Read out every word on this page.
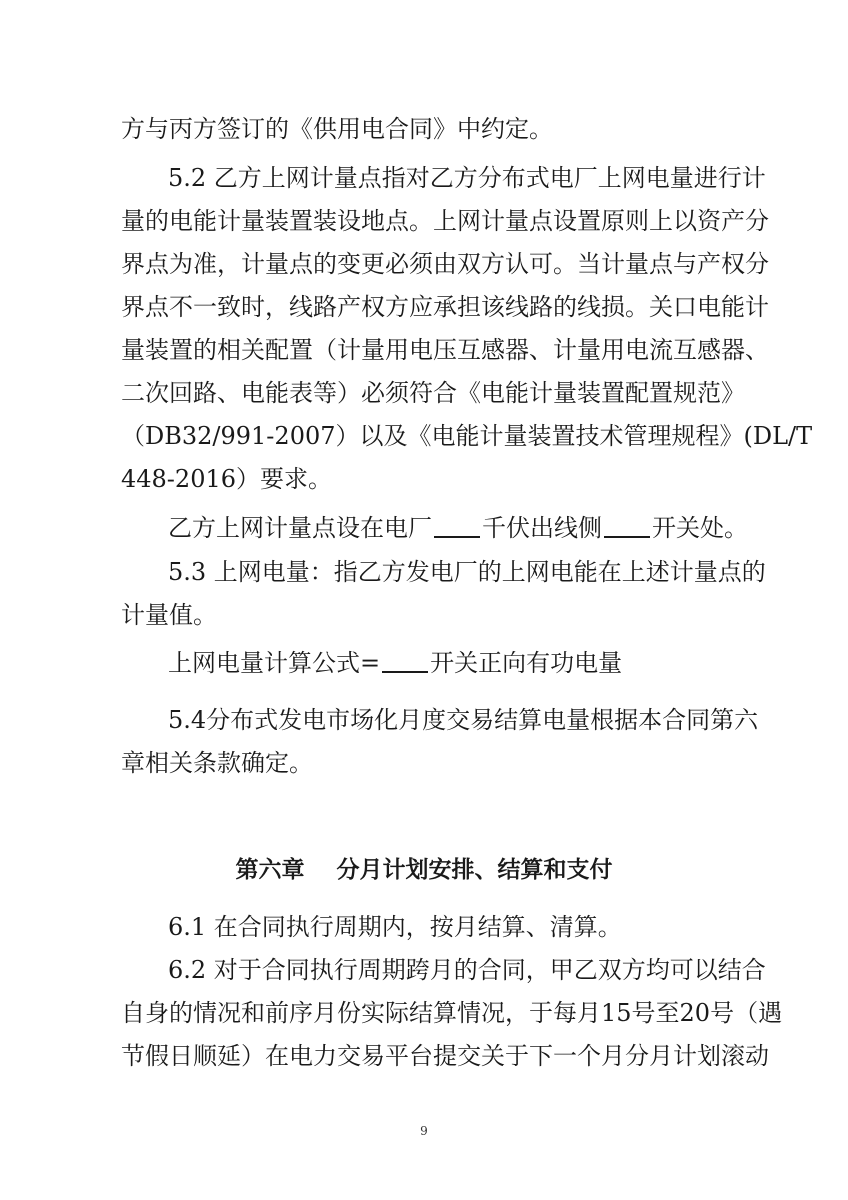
方与丙方签订的《供用电合同》中约定。
5.2 乙方上网计量点指对乙方分布式电厂上网电量进行计
量的电能计量装置装设地点。上网计量点设置原则上以资产分
界点为准，计量点的变更必须由双方认可。当计量点与产权分
界点不一致时，线路产权方应承担该线路的线损。关口电能计
量装置的相关配置（计量用电压互感器、计量用电流互感器、
二次回路、电能表等）必须符合《电能计量装置配置规范》
（DB32/991-2007）以及《电能计量装置技术管理规程》(DL/T
448-2016）要求。
乙方上网计量点设在电厂 千伏出线侧 开关处。
5.3 上网电量：指乙方发电厂的上网电能在上述计量点的
计量值。
上网电量计算公式= 开关正向有功电量
5.4分布式发电市场化月度交易结算电量根据本合同第六
章相关条款确定。
第六章    分月计划安排、结算和支付
6.1 在合同执行周期内，按月结算、清算。
6.2 对于合同执行周期跨月的合同，甲乙双方均可以结合
自身的情况和前序月份实际结算情况，于每月15号至20号（遇
节假日顺延）在电力交易平台提交关于下一个月分月计划滚动
9
